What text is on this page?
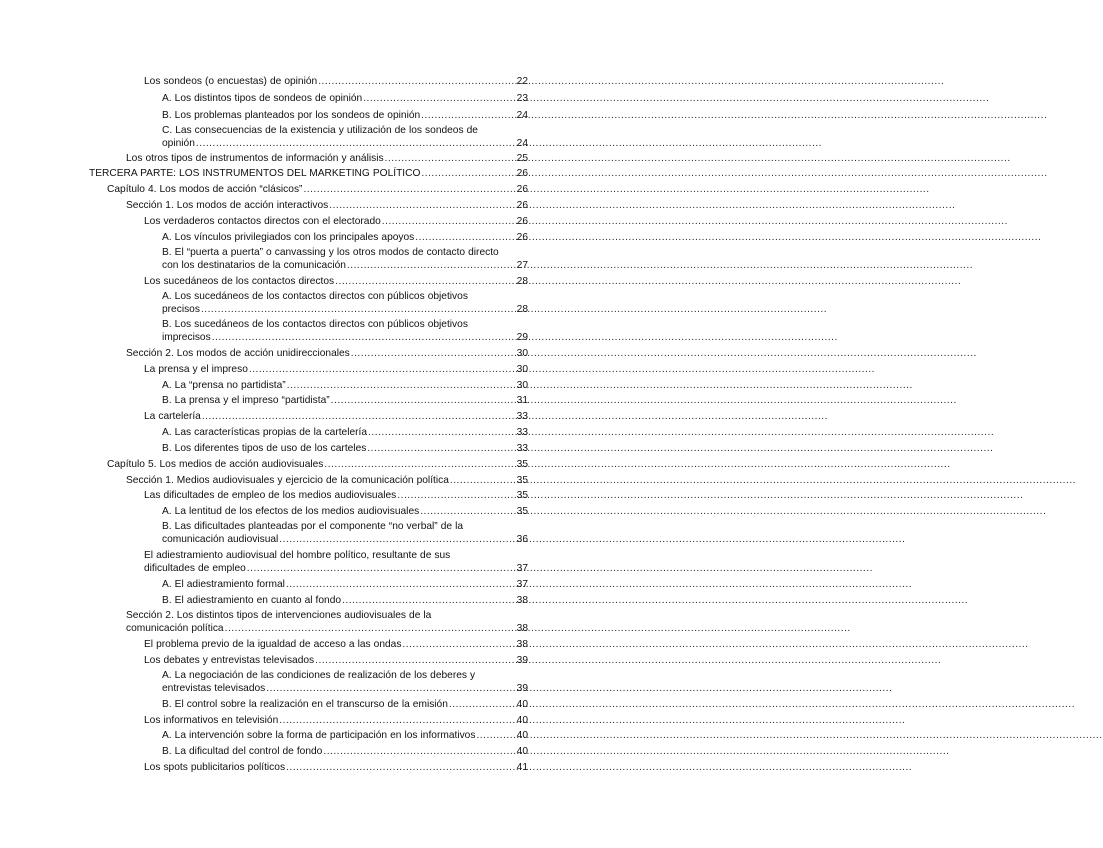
Los sondeos (o encuestas) de opinión .....	22
A. Los distintos tipos de sondeos de opinión .....	23
B. Los problemas planteados por los sondeos de opinión .....	24
C. Las consecuencias de la existencia y utilización de los sondeos de
opinión .....	24
Los otros tipos de instrumentos de información y análisis .....	25
TERCERA PARTE: LOS INSTRUMENTOS DEL MARKETING POLÍTICO .....	26
Capítulo 4. Los modos de acción “clásicos” .....	26
Sección 1. Los modos de acción interactivos .....	26
Los verdaderos contactos directos con el electorado .....	26
A. Los vínculos privilegiados con los principales apoyos .....	26
B. El “puerta a puerta” o canvassing y los otros modos de contacto directo
con los destinatarios de la comunicación .....	27
Los sucedáneos de los contactos directos .....	28
A. Los sucedáneos de los contactos directos con públicos objetivos
precisos .....	28
B. Los sucedáneos de los contactos directos con públicos objetivos
imprecisos .....	29
Sección 2. Los modos de acción unidireccionales .....	30
La prensa y el impreso .....	30
A. La “prensa no partidista” .....	30
B. La prensa y el impreso “partidista” .....	31
La cartelería .....	33
A. Las características propias de la cartelería .....	33
B. Los diferentes tipos de uso de los carteles .....	33
Capítulo 5. Los medios de acción audiovisuales .....	35
Sección 1. Medios audiovisuales y ejercicio de la comunicación política .....	35
Las dificultades de empleo de los medios audiovisuales .....	35
A. La lentitud de los efectos de los medios audiovisuales .....	35
B. Las dificultades planteadas por el componente “no verbal” de la
comunicación audiovisual .....	36
El adiestramiento audiovisual del hombre político, resultante de sus
dificultades de empleo .....	37
A. El adiestramiento formal .....	37
B. El adiestramiento en cuanto al fondo .....	38
Sección 2. Los distintos tipos de intervenciones audiovisuales de la
comunicación política .....	38
El problema previo de la igualdad de acceso a las ondas .....	38
Los debates y entrevistas televisados .....	39
A. La negociación de las condiciones de realización de los deberes y
entrevistas televisados .....	39
B. El control sobre la realización en el transcurso de la emisión .....	40
Los informativos en televisión .....	40
A. La intervención sobre la forma de participación en los informativos .....	40
B. La dificultad del control de fondo .....	40
Los spots publicitarios políticos .....	41
